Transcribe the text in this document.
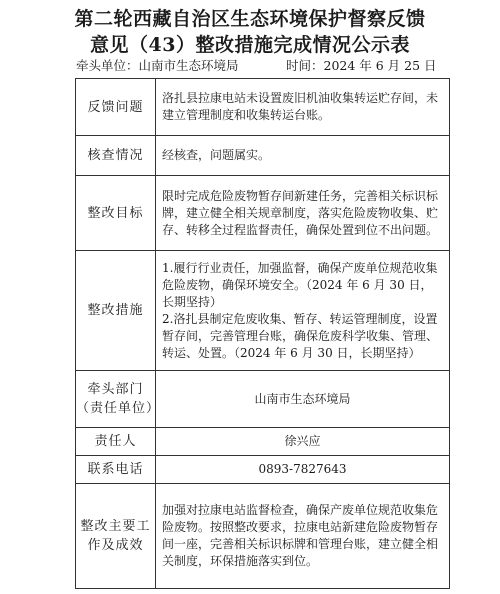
第二轮西藏自治区生态环境保护督察反馈
意见（43）整改措施完成情况公示表
牵头单位：山南市生态环境局	时间：2024 年 6 月 25 日
反馈问题	洛扎县拉康电站未设置废旧机油收集转运贮存间，未建立管理制度和收集转运台账。
核查情况	经核查，问题属实。
整改目标	限时完成危险废物暂存间新建任务，完善相关标识标牌，建立健全相关规章制度，落实危险废物收集、贮存、转移全过程监督责任，确保处置到位不出问题。
整改措施	1.履行行业责任，加强监督，确保产废单位规范收集危险废物，确保环境安全。（2024 年 6 月 30 日，长期坚持）
2.洛扎县制定危废收集、暂存、转运管理制度，设置暂存间，完善管理台账，确保危废科学收集、管理、转运、处置。（2024 年 6 月 30 日，长期坚持）

牵头部门
（责任单位）	山南市生态环境局
责任人	徐兴应
联系电话	0893-7827643

整改主要工
作及成效	加强对拉康电站监督检查，确保产废单位规范收集危险废物。按照整改要求，拉康电站新建危险废物暂存间一座，完善相关标识标牌和管理台账，建立健全相关制度，环保措施落实到位。
